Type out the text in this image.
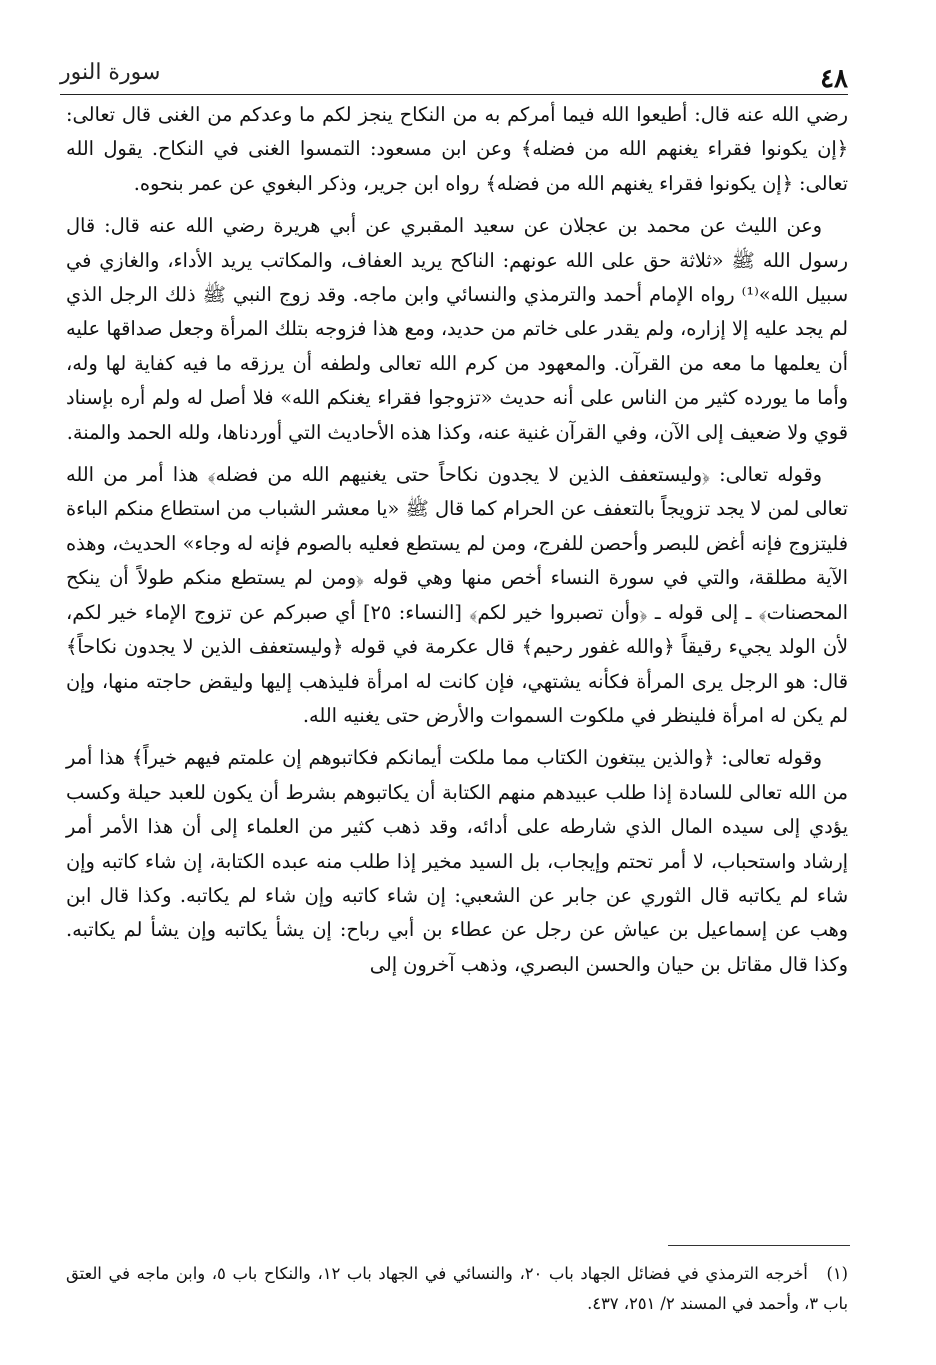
٤٨
سورة النور

رضي الله عنه قال: أطيعوا الله فيما أمركم به من النكاح ينجز لكم ما وعدكم من الغنى قال تعالى: ﴿إن يكونوا فقراء يغنهم الله من فضله﴾ وعن ابن مسعود: التمسوا الغنى في النكاح. يقول الله تعالى: ﴿إن يكونوا فقراء يغنهم الله من فضله﴾ رواه ابن جرير، وذكر البغوي عن عمر بنحوه.

وعن الليث عن محمد بن عجلان عن سعيد المقبري عن أبي هريرة رضي الله عنه قال: قال رسول الله ﷺ «ثلاثة حق على الله عونهم: الناكح يريد العفاف، والمكاتب يريد الأداء، والغازي في سبيل الله»⁽¹⁾ رواه الإمام أحمد والترمذي والنسائي وابن ماجه. وقد زوج النبي ﷺ ذلك الرجل الذي لم يجد عليه إلا إزاره، ولم يقدر على خاتم من حديد، ومع هذا فزوجه بتلك المرأة وجعل صداقها عليه أن يعلمها ما معه من القرآن. والمعهود من كرم الله تعالى ولطفه أن يرزقه ما فيه كفاية لها وله، وأما ما يورده كثير من الناس على أنه حديث «تزوجوا فقراء يغنكم الله» فلا أصل له ولم أره بإسناد قوي ولا ضعيف إلى الآن، وفي القرآن غنية عنه، وكذا هذه الأحاديث التي أوردناها، ولله الحمد والمنة.

وقوله تعالى: ﴿وليستعفف الذين لا يجدون نكاحاً حتى يغنيهم الله من فضله﴾ هذا أمر من الله تعالى لمن لا يجد تزويجاً بالتعفف عن الحرام كما قال ﷺ «يا معشر الشباب من استطاع منكم الباءة فليتزوج فإنه أغض للبصر وأحصن للفرج، ومن لم يستطع فعليه بالصوم فإنه له وجاء» الحديث، وهذه الآية مطلقة، والتي في سورة النساء أخص منها وهي قوله ﴿ومن لم يستطع منكم طولاً أن ينكح المحصنات﴾ ـ إلى قوله ـ ﴿وأن تصبروا خير لكم﴾ [النساء: ٢٥] أي صبركم عن تزوج الإماء خير لكم، لأن الولد يجيء رقيقاً ﴿والله غفور رحيم﴾ قال عكرمة في قوله ﴿وليستعفف الذين لا يجدون نكاحاً﴾ قال: هو الرجل يرى المرأة فكأنه يشتهي، فإن كانت له امرأة فليذهب إليها وليقض حاجته منها، وإن لم يكن له امرأة فلينظر في ملكوت السموات والأرض حتى يغنيه الله.

وقوله تعالى: ﴿والذين يبتغون الكتاب مما ملكت أيمانكم فكاتبوهم إن علمتم فيهم خيراً﴾ هذا أمر من الله تعالى للسادة إذا طلب عبيدهم منهم الكتابة أن يكاتبوهم بشرط أن يكون للعبد حيلة وكسب يؤدي إلى سيده المال الذي شارطه على أدائه، وقد ذهب كثير من العلماء إلى أن هذا الأمر أمر إرشاد واستحباب، لا أمر تحتم وإيجاب، بل السيد مخير إذا طلب منه عبده الكتابة، إن شاء كاتبه وإن شاء لم يكاتبه قال الثوري عن جابر عن الشعبي: إن شاء كاتبه وإن شاء لم يكاتبه. وكذا قال ابن وهب عن إسماعيل بن عياش عن رجل عن عطاء بن أبي رباح: إن يشأ يكاتبه وإن يشأ لم يكاتبه. وكذا قال مقاتل بن حيان والحسن البصري، وذهب آخرون إلى

(١) أخرجه الترمذي في فضائل الجهاد باب ٢٠، والنسائي في الجهاد باب ١٢، والنكاح باب ٥، وابن ماجه في العتق باب ٣، وأحمد في المسند ٢/ ٢٥١، ٤٣٧.
